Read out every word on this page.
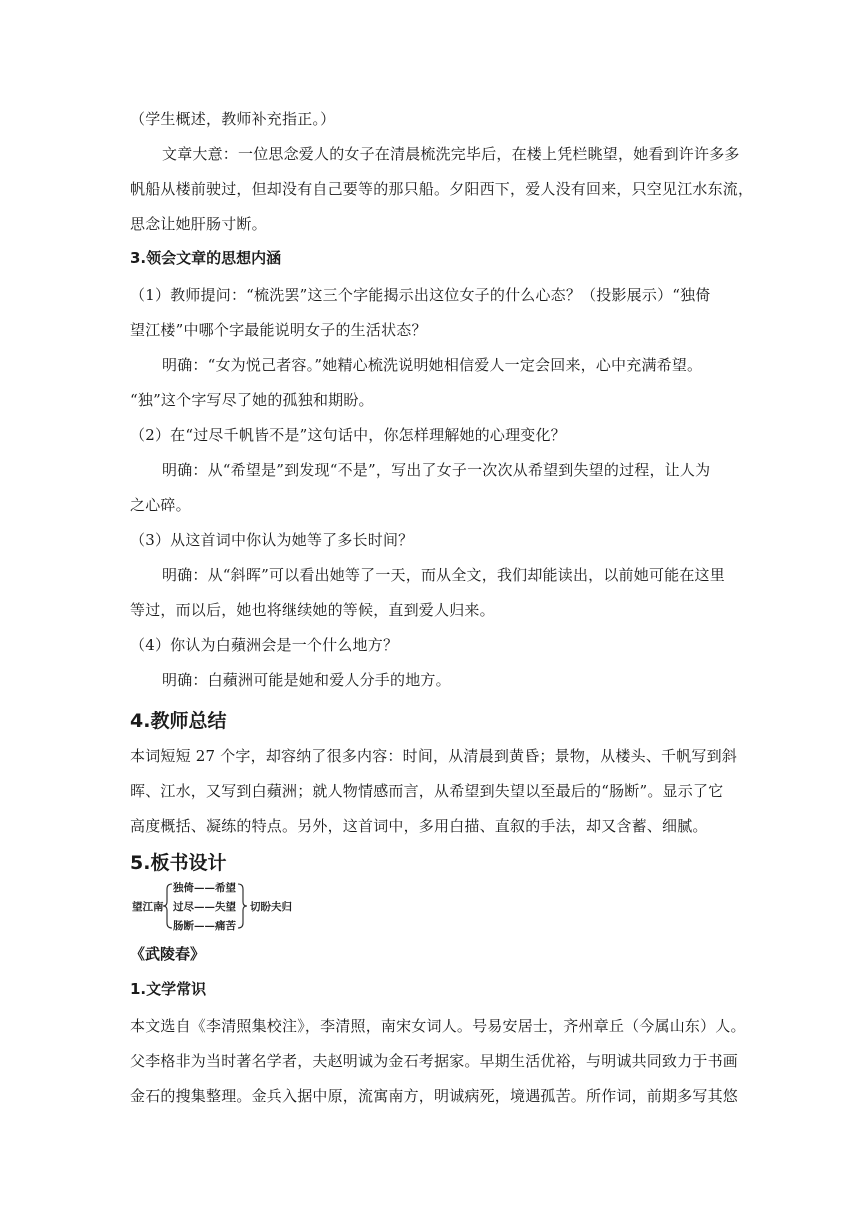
（学生概述，教师补充指正。）
文章大意：一位思念爱人的女子在清晨梳洗完毕后，在楼上凭栏眺望，她看到许许多多
帆船从楼前驶过，但却没有自己要等的那只船。夕阳西下，爱人没有回来，只空见江水东流，
思念让她肝肠寸断。
3.领会文章的思想内涵
（1）教师提问：“梳洗罢”这三个字能揭示出这位女子的什么心态？（投影展示）“独倚
望江楼”中哪个字最能说明女子的生活状态？
明确：“女为悦己者容。”她精心梳洗说明她相信爱人一定会回来，心中充满希望。
“独”这个字写尽了她的孤独和期盼。
（2）在“过尽千帆皆不是”这句话中，你怎样理解她的心理变化？
明确：从“希望是”到发现“不是”，写出了女子一次次从希望到失望的过程，让人为
之心碎。
（3）从这首词中你认为她等了多长时间？
明确：从“斜晖”可以看出她等了一天，而从全文，我们却能读出，以前她可能在这里
等过，而以后，她也将继续她的等候，直到爱人归来。
（4）你认为白蘋洲会是一个什么地方？
明确：白蘋洲可能是她和爱人分手的地方。
4.教师总结
本词短短 27 个字，却容纳了很多内容：时间，从清晨到黄昏；景物，从楼头、千帆写到斜
晖、江水，又写到白蘋洲；就人物情感而言，从希望到失望以至最后的“肠断”。显示了它
高度概括、凝练的特点。另外，这首词中，多用白描、直叙的手法，却又含蓄、细腻。
5.板书设计
望江南
独倚——希望
过尽——失望
肠断——痛苦
切盼夫归
《武陵春》
1.文学常识
本文选自《李清照集校注》，李清照，南宋女词人。号易安居士，齐州章丘（今属山东）人。
父李格非为当时著名学者，夫赵明诚为金石考据家。早期生活优裕，与明诚共同致力于书画
金石的搜集整理。金兵入据中原，流寓南方，明诚病死，境遇孤苦。所作词，前期多写其悠
